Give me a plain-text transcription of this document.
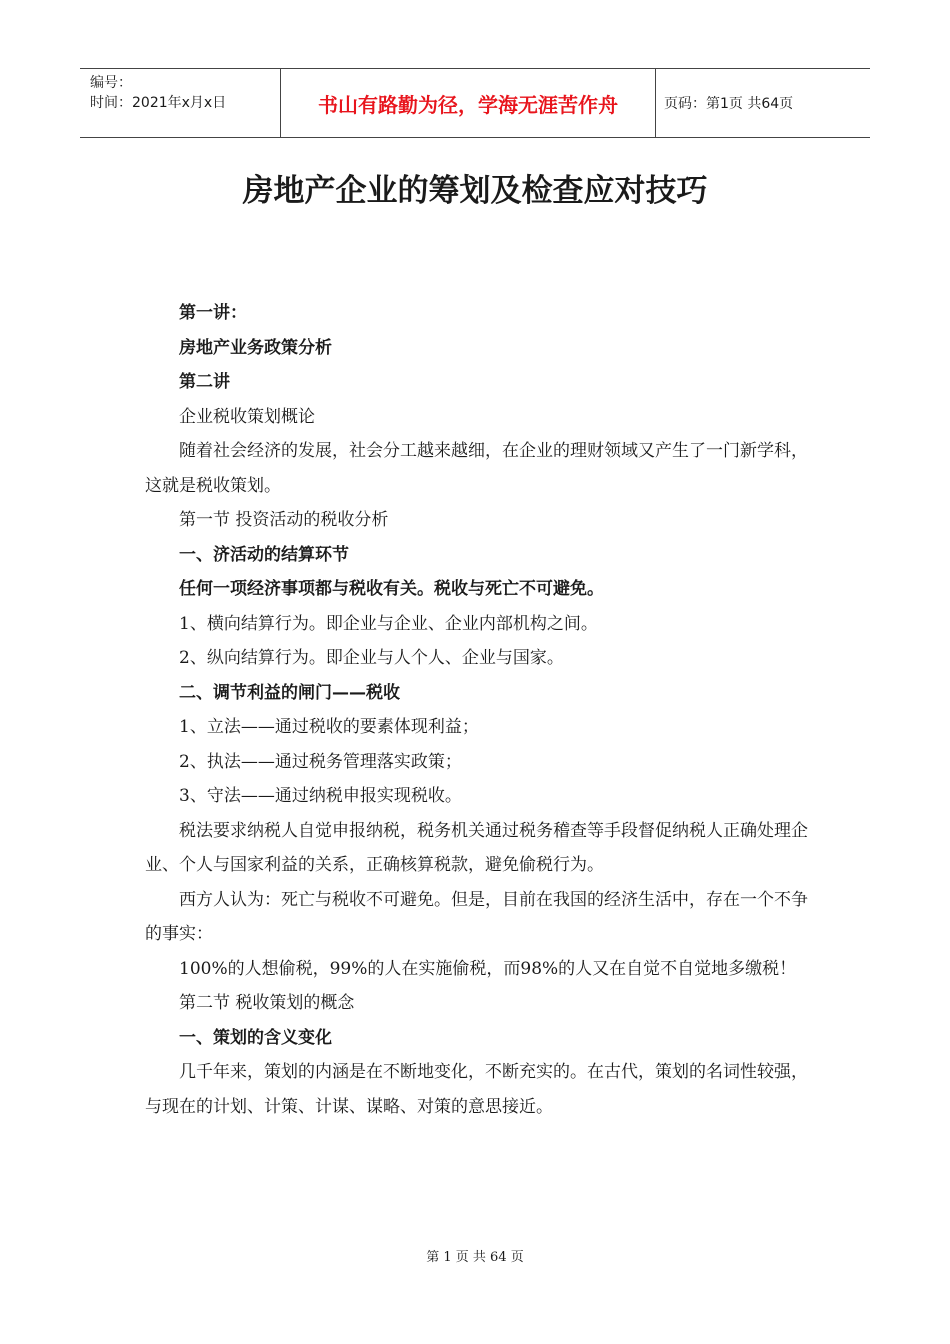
编号：
时间：2021年x月x日	书山有路勤为径，学海无涯苦作舟	页码：第1页 共64页
房地产企业的筹划及检查应对技巧

第一讲：

房地产业务政策分析

第二讲

企业税收策划概论

随着社会经济的发展，社会分工越来越细，在企业的理财领域又产生了一门新学科，这就是税收策划。

第一节 投资活动的税收分析

一、济活动的结算环节

任何一项经济事项都与税收有关。税收与死亡不可避免。

1、横向结算行为。即企业与企业、企业内部机构之间。

2、纵向结算行为。即企业与人个人、企业与国家。

二、调节利益的闸门——税收

1、立法——通过税收的要素体现利益；

2、执法——通过税务管理落实政策；

3、守法——通过纳税申报实现税收。

税法要求纳税人自觉申报纳税，税务机关通过税务稽查等手段督促纳税人正确处理企业、个人与国家利益的关系，正确核算税款，避免偷税行为。

西方人认为：死亡与税收不可避免。但是，目前在我国的经济生活中，存在一个不争的事实：

100%的人想偷税，99%的人在实施偷税，而98%的人又在自觉不自觉地多缴税！

第二节 税收策划的概念

一、策划的含义变化

几千年来，策划的内涵是在不断地变化，不断充实的。在古代，策划的名词性较强，与现在的计划、计策、计谋、谋略、对策的意思接近。

第 1 页 共 64 页
